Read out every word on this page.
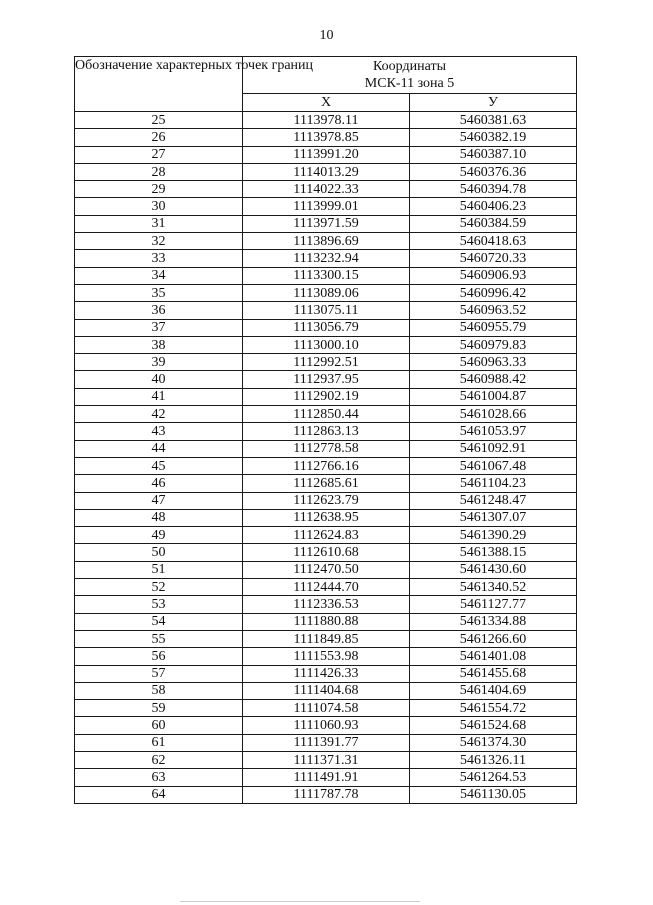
10
Обозначение характерных точек границ	Координаты
МСК-11 зона 5	

	Х	У
25	1113978.11	5460381.63
26	1113978.85	5460382.19
27	1113991.20	5460387.10
28	1114013.29	5460376.36
29	1114022.33	5460394.78
30	1113999.01	5460406.23
31	1113971.59	5460384.59
32	1113896.69	5460418.63
33	1113232.94	5460720.33
34	1113300.15	5460906.93
35	1113089.06	5460996.42
36	1113075.11	5460963.52
37	1113056.79	5460955.79
38	1113000.10	5460979.83
39	1112992.51	5460963.33
40	1112937.95	5460988.42
41	1112902.19	5461004.87
42	1112850.44	5461028.66
43	1112863.13	5461053.97
44	1112778.58	5461092.91
45	1112766.16	5461067.48
46	1112685.61	5461104.23
47	1112623.79	5461248.47
48	1112638.95	5461307.07
49	1112624.83	5461390.29
50	1112610.68	5461388.15
51	1112470.50	5461430.60
52	1112444.70	5461340.52
53	1112336.53	5461127.77
54	1111880.88	5461334.88
55	1111849.85	5461266.60
56	1111553.98	5461401.08
57	1111426.33	5461455.68
58	1111404.68	5461404.69
59	1111074.58	5461554.72
60	1111060.93	5461524.68
61	1111391.77	5461374.30
62	1111371.31	5461326.11
63	1111491.91	5461264.53
64	1111787.78	5461130.05
